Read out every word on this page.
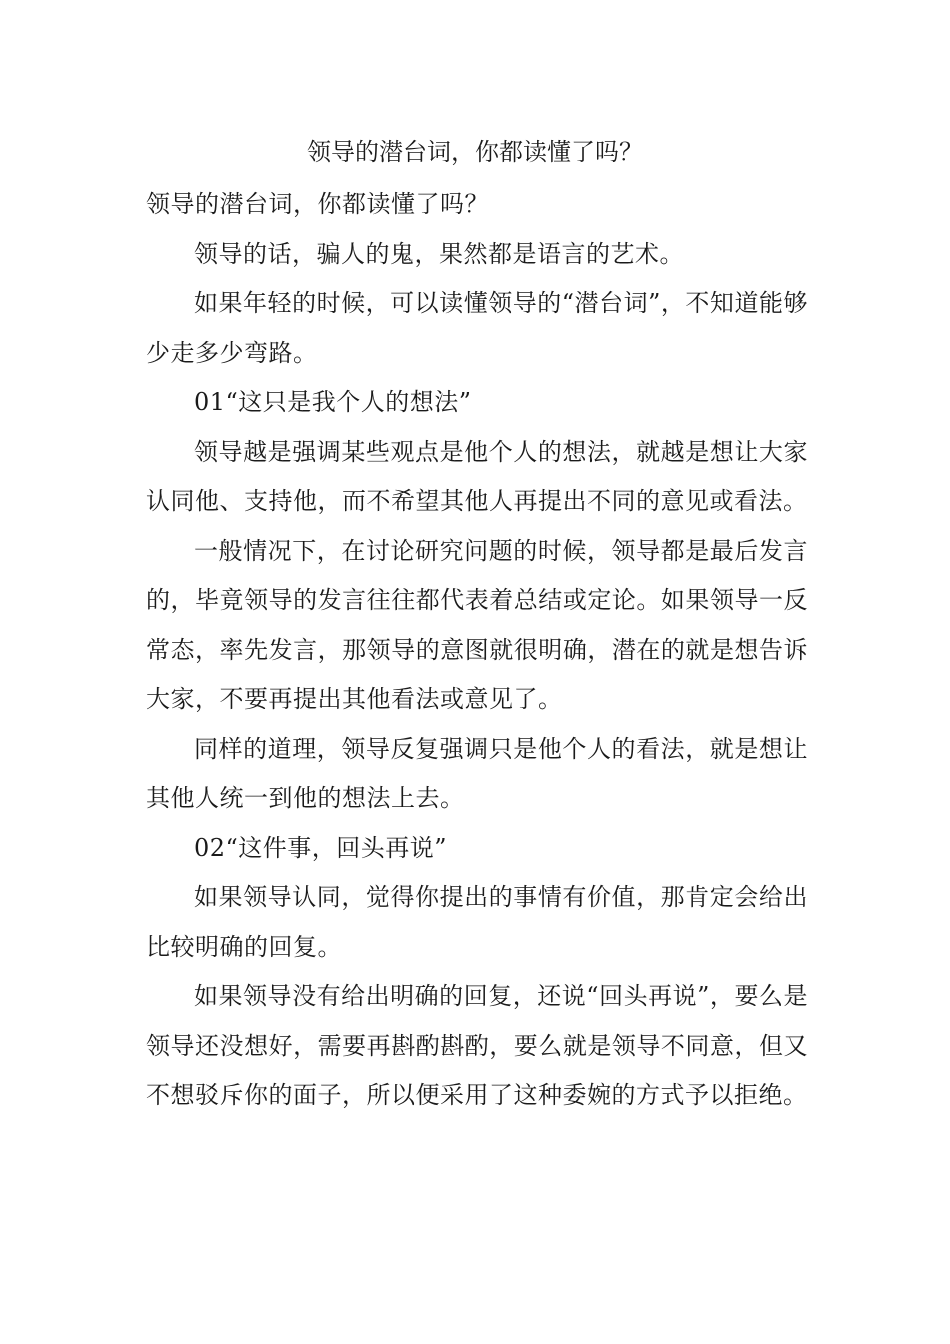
领导的潜台词，你都读懂了吗？

领导的潜台词，你都读懂了吗？

领导的话，骗人的鬼，果然都是语言的艺术。

如果年轻的时候，可以读懂领导的“潜台词”，不知道能够少走多少弯路。

01“这只是我个人的想法”

领导越是强调某些观点是他个人的想法，就越是想让大家认同他、支持他，而不希望其他人再提出不同的意见或看法。

一般情况下，在讨论研究问题的时候，领导都是最后发言的，毕竟领导的发言往往都代表着总结或定论。如果领导一反常态，率先发言，那领导的意图就很明确，潜在的就是想告诉大家，不要再提出其他看法或意见了。

同样的道理，领导反复强调只是他个人的看法，就是想让其他人统一到他的想法上去。

02“这件事，回头再说”

如果领导认同，觉得你提出的事情有价值，那肯定会给出比较明确的回复。

如果领导没有给出明确的回复，还说“回头再说”，要么是领导还没想好，需要再斟酌斟酌，要么就是领导不同意，但又不想驳斥你的面子，所以便采用了这种委婉的方式予以拒绝。
